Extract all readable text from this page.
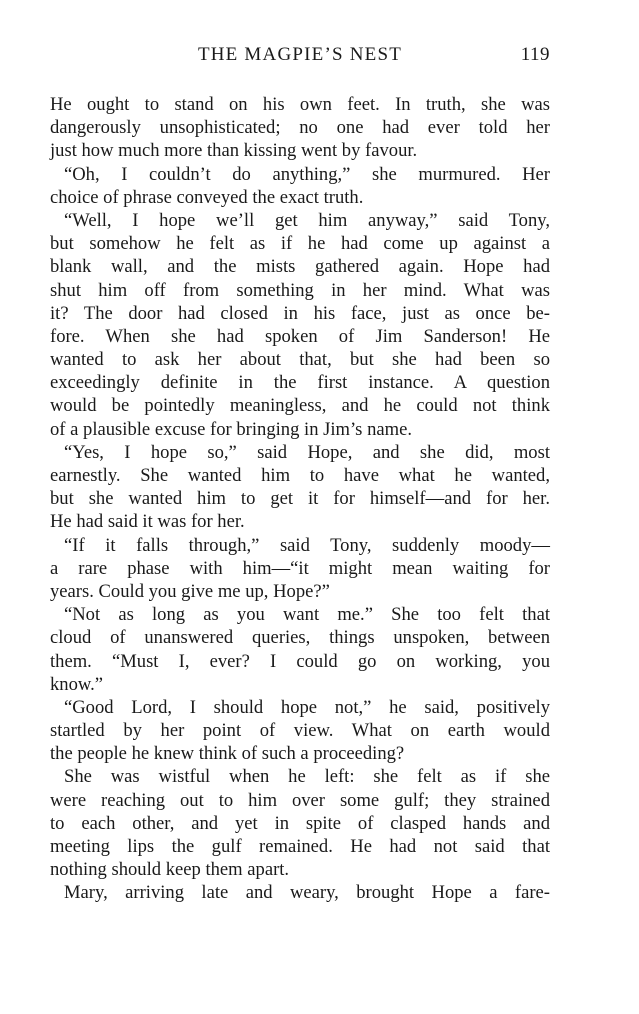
THE MAGPIE’S NEST	119
He ought to stand on his own feet. In truth, she was
dangerously unsophisticated; no one had ever told her
just how much more than kissing went by favour.
“Oh, I couldn’t do anything,” she murmured. Her
choice of phrase conveyed the exact truth.
“Well, I hope we’ll get him anyway,” said Tony,
but somehow he felt as if he had come up against a
blank wall, and the mists gathered again. Hope had
shut him off from something in her mind. What was
it? The door had closed in his face, just as once be-
fore. When she had spoken of Jim Sanderson! He
wanted to ask her about that, but she had been so
exceedingly definite in the first instance. A question
would be pointedly meaningless, and he could not think
of a plausible excuse for bringing in Jim’s name.
“Yes, I hope so,” said Hope, and she did, most
earnestly. She wanted him to have what he wanted,
but she wanted him to get it for himself—and for her.
He had said it was for her.
“If it falls through,” said Tony, suddenly moody—
a rare phase with him—“it might mean waiting for
years. Could you give me up, Hope?”
“Not as long as you want me.” She too felt that
cloud of unanswered queries, things unspoken, between
them. “Must I, ever? I could go on working, you
know.”
“Good Lord, I should hope not,” he said, positively
startled by her point of view. What on earth would
the people he knew think of such a proceeding?
She was wistful when he left: she felt as if she
were reaching out to him over some gulf; they strained
to each other, and yet in spite of clasped hands and
meeting lips the gulf remained. He had not said that
nothing should keep them apart.
Mary, arriving late and weary, brought Hope a fare-
